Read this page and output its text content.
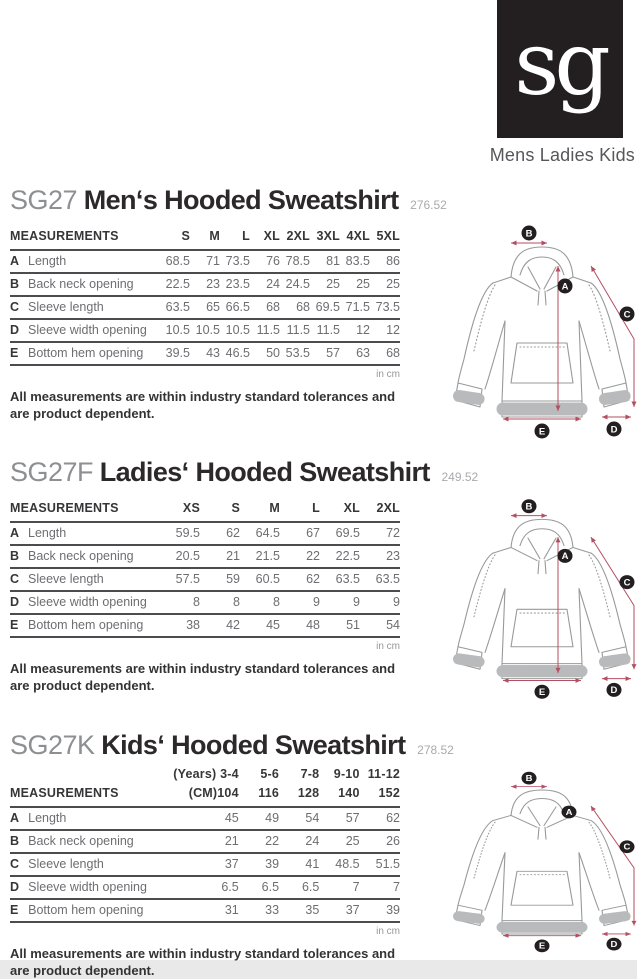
sg
Mens Ladies Kids
SG27 Men‘s Hooded Sweatshirt 276.52
MEASUREMENTS		S	M	L	XL	2XL	3XL	4XL	5XL
A	Length	68.5	71	73.5	76	78.5	81	83.5	86
B	Back neck opening	22.5	23	23.5	24	24.5	25	25	25
C	Sleeve length	63.5	65	66.5	68	68	69.5	71.5	73.5
D	Sleeve width opening	10.5	10.5	10.5	11.5	11.5	11.5	12	12
E	Bottom hem opening	39.5	43	46.5	50	53.5	57	63	68
in cm

All measurements are within industry standard tolerances and
are product dependent.

SG27F Ladies‘ Hooded Sweatshirt 249.52
MEASUREMENTS		XS	S	M	L	XL	2XL
A	Length	59.5	62	64.5	67	69.5	72
B	Back neck opening	20.5	21	21.5	22	22.5	23
C	Sleeve length	57.5	59	60.5	62	63.5	63.5
D	Sleeve width opening	8	8	8	9	9	9
E	Bottom hem opening	38	42	45	48	51	54
in cm

All measurements are within industry standard tolerances and
are product dependent.

SG27K Kids‘ Hooded Sweatshirt 278.52
		(Years) 3-4	5-6	7-8	9-10	11-12
MEASUREMENTS		(CM)104	116	128	140	152
A	Length	45	49	54	57	62
B	Back neck opening	21	22	24	25	26
C	Sleeve length	37	39	41	48.5	51.5
D	Sleeve width opening	6.5	6.5	6.5	7	7
E	Bottom hem opening	31	33	35	37	39
in cm

All measurements are within industry standard tolerances and
are product dependent.

B
A
C
D
E
B
A
C
D
E
B
A
C
D
E
